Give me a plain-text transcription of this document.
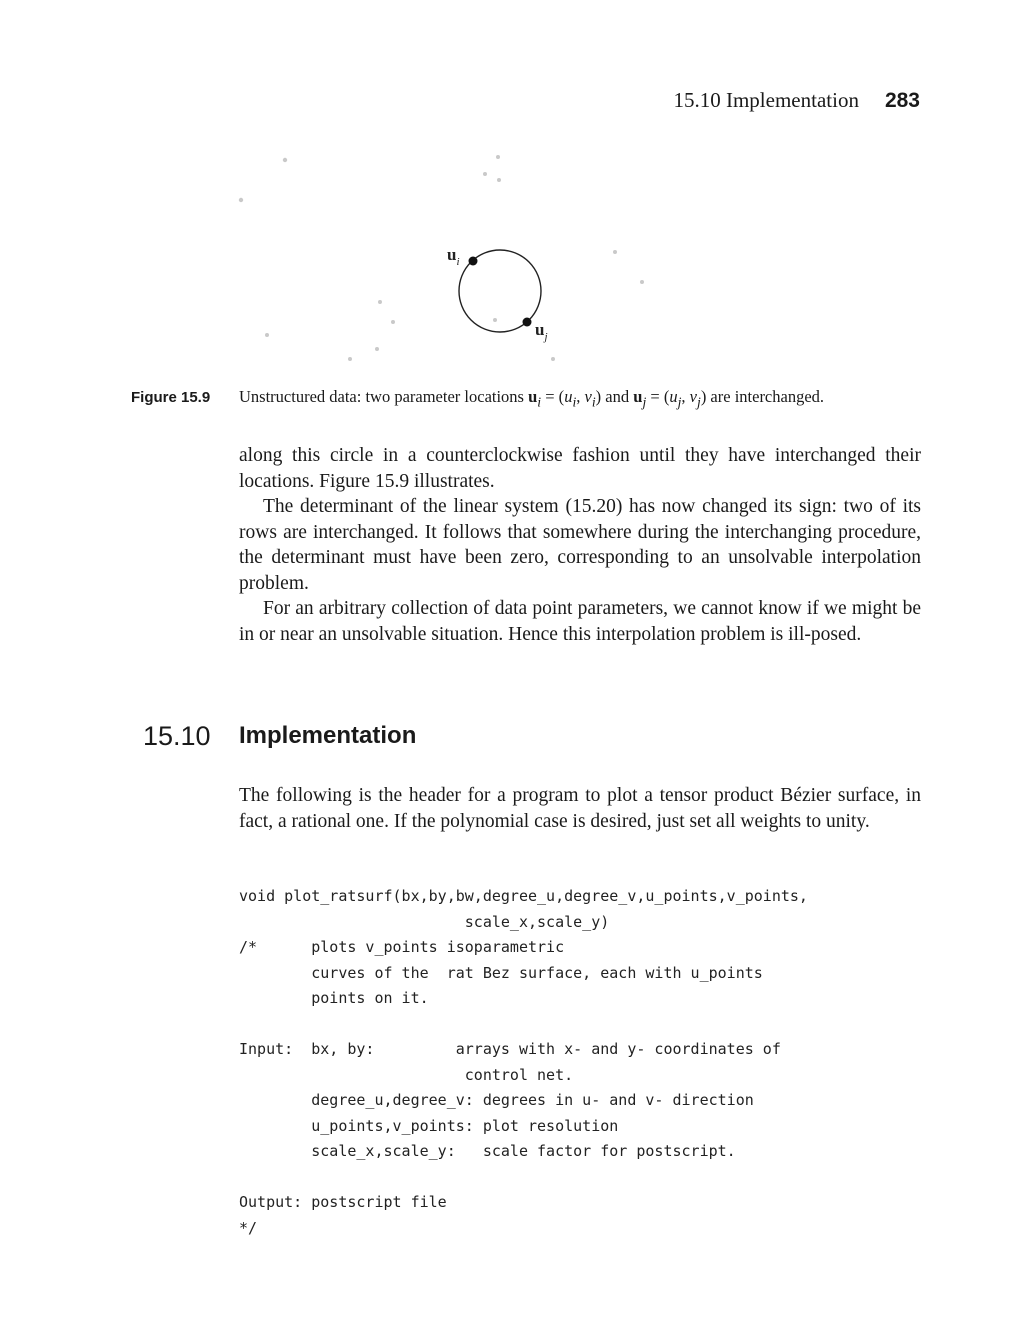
15.10 Implementation 283
$u_i$
$u_j$
Figure 15.9	Unstructured data: two parameter locations $u_i = (u_i$, $v_i$) and $u_j = (u_j$, $v_j$) are interchanged.

along this circle in a counterclockwise fashion until they have interchanged their locations. Figure 15.9 illustrates.

The determinant of the linear system (15.20) has now changed its sign: two of its rows are interchanged. It follows that somewhere during the interchanging procedure, the determinant must have been zero, corresponding to an unsolvable interpolation problem.

For an arbitrary collection of data point parameters, we cannot know if we might be in or near an unsolvable situation. Hence this interpolation problem is ill-posed.

15.10 Implementation

The following is the header for a program to plot a tensor product Bézier surface, in fact, a rational one. If the polynomial case is desired, just set all weights to unity.

void plot_ratsurf(bx,by,bw,degree_u,degree_v,u_points,v_points,
scale_x,scale_y)
/*      plots v_points isoparametric
curves of the  rat Bez surface, each with u_points
points on it.

Input:  bx, by:         arrays with x- and y- coordinates of
control net.
degree_u,degree_v: degrees in u- and v- direction
u_points,v_points: plot resolution
scale_x,scale_y:   scale factor for postscript.

Output: postscript file
*/
